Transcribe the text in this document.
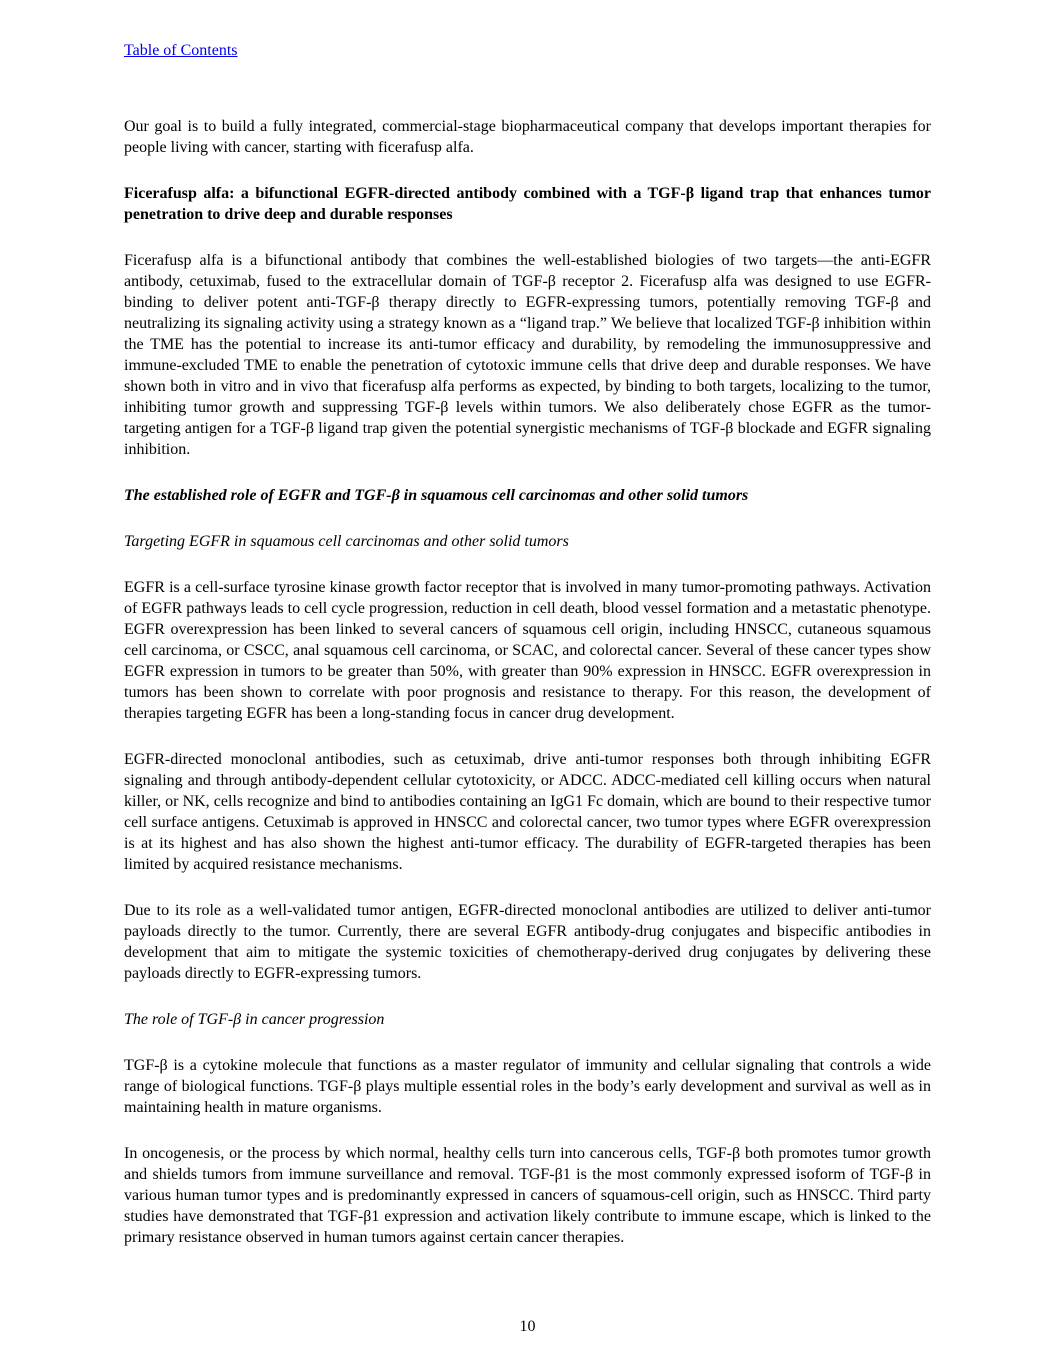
Table of Contents

Our goal is to build a fully integrated, commercial-stage biopharmaceutical company that develops important therapies for people living with cancer, starting with ficerafusp alfa.

Ficerafusp alfa: a bifunctional EGFR-directed antibody combined with a TGF-β ligand trap that enhances tumor penetration to drive deep and durable responses

Ficerafusp alfa is a bifunctional antibody that combines the well-established biologies of two targets—the anti-EGFR antibody, cetuximab, fused to the extracellular domain of TGF-β receptor 2. Ficerafusp alfa was designed to use EGFR-binding to deliver potent anti-TGF-β therapy directly to EGFR-expressing tumors, potentially removing TGF-β and neutralizing its signaling activity using a strategy known as a “ligand trap.” We believe that localized TGF-β inhibition within the TME has the potential to increase its anti-tumor efficacy and durability, by remodeling the immunosuppressive and immune-excluded TME to enable the penetration of cytotoxic immune cells that drive deep and durable responses. We have shown both in vitro and in vivo that ficerafusp alfa performs as expected, by binding to both targets, localizing to the tumor, inhibiting tumor growth and suppressing TGF-β levels within tumors. We also deliberately chose EGFR as the tumor-targeting antigen for a TGF-β ligand trap given the potential synergistic mechanisms of TGF-β blockade and EGFR signaling inhibition.

The established role of EGFR and TGF-β in squamous cell carcinomas and other solid tumors
Targeting EGFR in squamous cell carcinomas and other solid tumors

EGFR is a cell-surface tyrosine kinase growth factor receptor that is involved in many tumor-promoting pathways. Activation of EGFR pathways leads to cell cycle progression, reduction in cell death, blood vessel formation and a metastatic phenotype. EGFR overexpression has been linked to several cancers of squamous cell origin, including HNSCC, cutaneous squamous cell carcinoma, or CSCC, anal squamous cell carcinoma, or SCAC, and colorectal cancer. Several of these cancer types show EGFR expression in tumors to be greater than 50%, with greater than 90% expression in HNSCC. EGFR overexpression in tumors has been shown to correlate with poor prognosis and resistance to therapy. For this reason, the development of therapies targeting EGFR has been a long-standing focus in cancer drug development.

EGFR-directed monoclonal antibodies, such as cetuximab, drive anti-tumor responses both through inhibiting EGFR signaling and through antibody-dependent cellular cytotoxicity, or ADCC. ADCC-mediated cell killing occurs when natural killer, or NK, cells recognize and bind to antibodies containing an IgG1 Fc domain, which are bound to their respective tumor cell surface antigens. Cetuximab is approved in HNSCC and colorectal cancer, two tumor types where EGFR overexpression is at its highest and has also shown the highest anti-tumor efficacy. The durability of EGFR-targeted therapies has been limited by acquired resistance mechanisms.

Due to its role as a well-validated tumor antigen, EGFR-directed monoclonal antibodies are utilized to deliver anti-tumor payloads directly to the tumor. Currently, there are several EGFR antibody-drug conjugates and bispecific antibodies in development that aim to mitigate the systemic toxicities of chemotherapy-derived drug conjugates by delivering these payloads directly to EGFR-expressing tumors.

The role of TGF-β in cancer progression

TGF-β is a cytokine molecule that functions as a master regulator of immunity and cellular signaling that controls a wide range of biological functions. TGF-β plays multiple essential roles in the body’s early development and survival as well as in maintaining health in mature organisms.

In oncogenesis, or the process by which normal, healthy cells turn into cancerous cells, TGF-β both promotes tumor growth and shields tumors from immune surveillance and removal. TGF-β1 is the most commonly expressed isoform of TGF-β in various human tumor types and is predominantly expressed in cancers of squamous-cell origin, such as HNSCC. Third party studies have demonstrated that TGF-β1 expression and activation likely contribute to immune escape, which is linked to the primary resistance observed in human tumors against certain cancer therapies.

10
